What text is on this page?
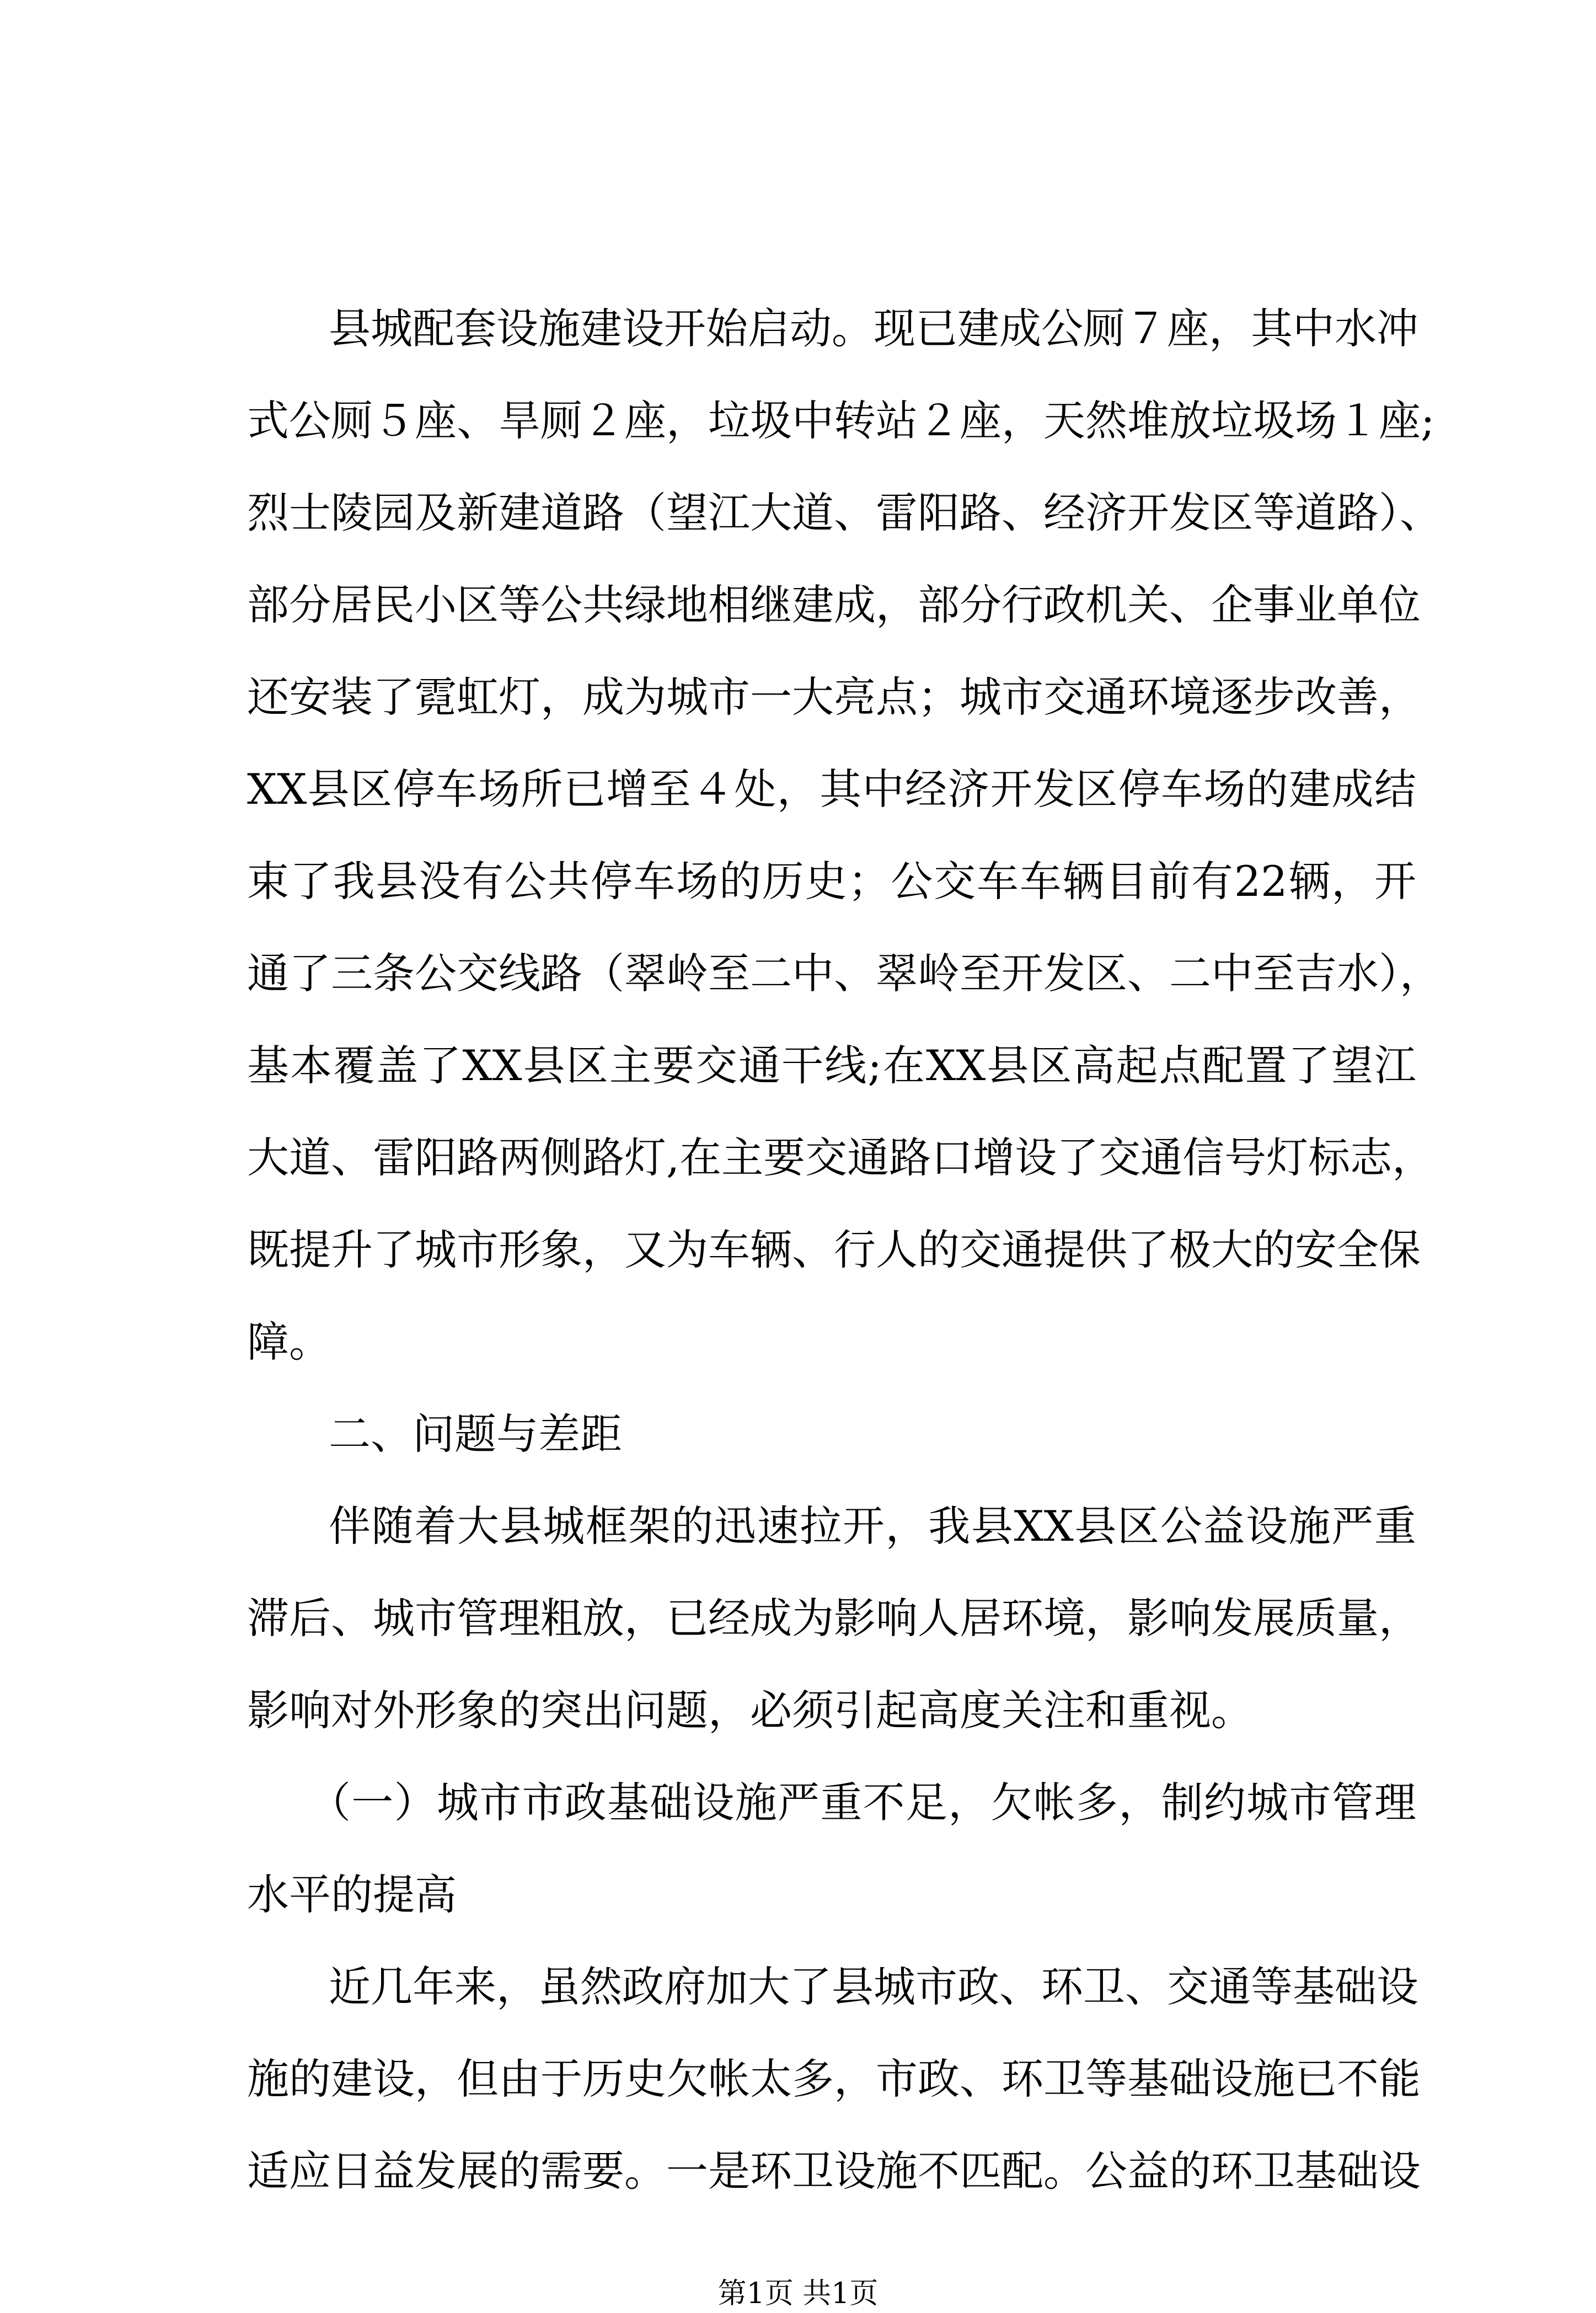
县城配套设施建设开始启动。现已建成公厕７座，其中水冲
式公厕５座、旱厕２座，垃圾中转站２座，天然堆放垃圾场１座;
烈士陵园及新建道路（望江大道、雷阳路、经济开发区等道路）、
部分居民小区等公共绿地相继建成，部分行政机关、企事业单位
还安装了霓虹灯，成为城市一大亮点；城市交通环境逐步改善，
XX县区停车场所已增至４处，其中经济开发区停车场的建成结
束了我县没有公共停车场的历史；公交车车辆目前有22辆，开
通了三条公交线路（翠岭至二中、翠岭至开发区、二中至吉水），
基本覆盖了XX县区主要交通干线;在XX县区高起点配置了望江
大道、雷阳路两侧路灯,在主要交通路口增设了交通信号灯标志，
既提升了城市形象，又为车辆、行人的交通提供了极大的安全保
障。
二、问题与差距
伴随着大县城框架的迅速拉开，我县XX县区公益设施严重
滞后、城市管理粗放，已经成为影响人居环境，影响发展质量，
影响对外形象的突出问题，必须引起高度关注和重视。
（一）城市市政基础设施严重不足，欠帐多，制约城市管理
水平的提高
近几年来，虽然政府加大了县城市政、环卫、交通等基础设
施的建设，但由于历史欠帐太多，市政、环卫等基础设施已不能
适应日益发展的需要。一是环卫设施不匹配。公益的环卫基础设
第1页 共1页
